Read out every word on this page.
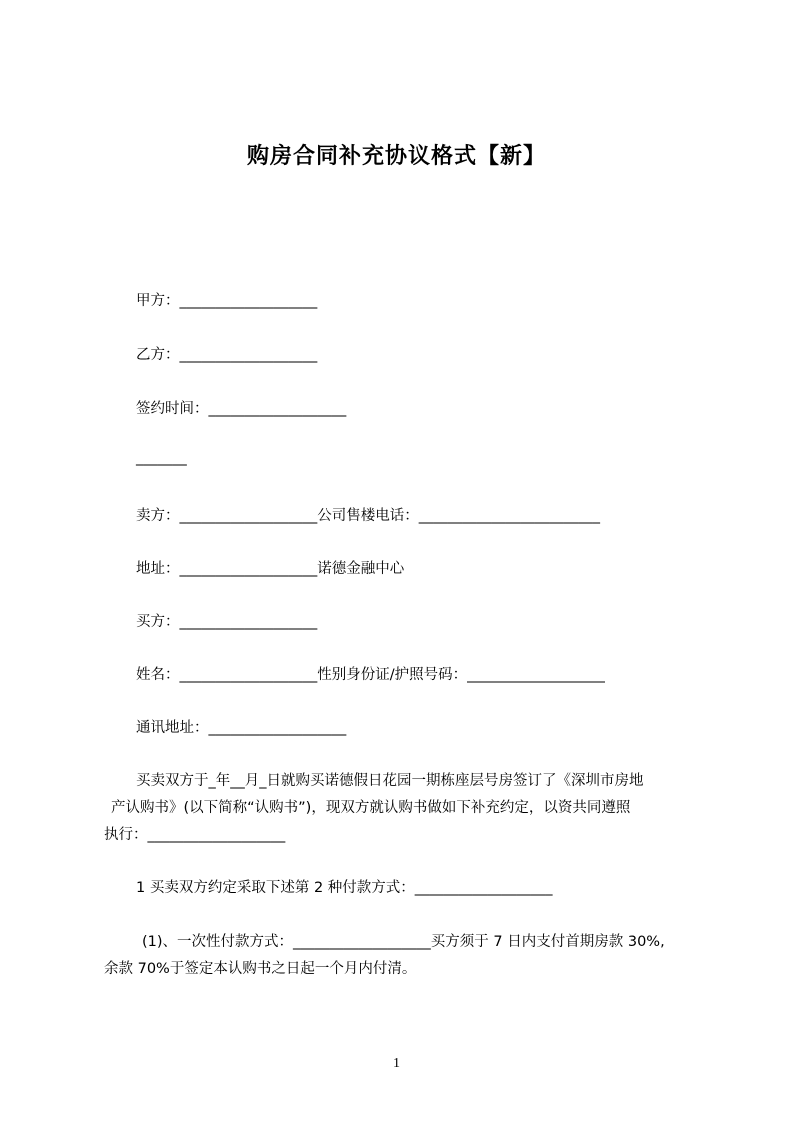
购房合同补充协议格式【新】
甲方：___________________
乙方：___________________
签约时间：___________________
_______
卖方：___________________公司售楼电话：_________________________
地址：___________________诺德金融中心
买方：___________________
姓名：___________________性别身份证/护照号码：___________________
通讯地址：___________________
买卖双方于_年__月_日就购买诺德假日花园一期栋座层号房签订了《深圳市房地
产认购书》(以下简称“认购书”)，现双方就认购书做如下补充约定，以资共同遵照
执行：___________________
1 买卖双方约定采取下述第 2 种付款方式：___________________
(1)、一次性付款方式：___________________买方须于 7 日内支付首期房款 30%,
余款 70%于签定本认购书之日起一个月内付清。
1
